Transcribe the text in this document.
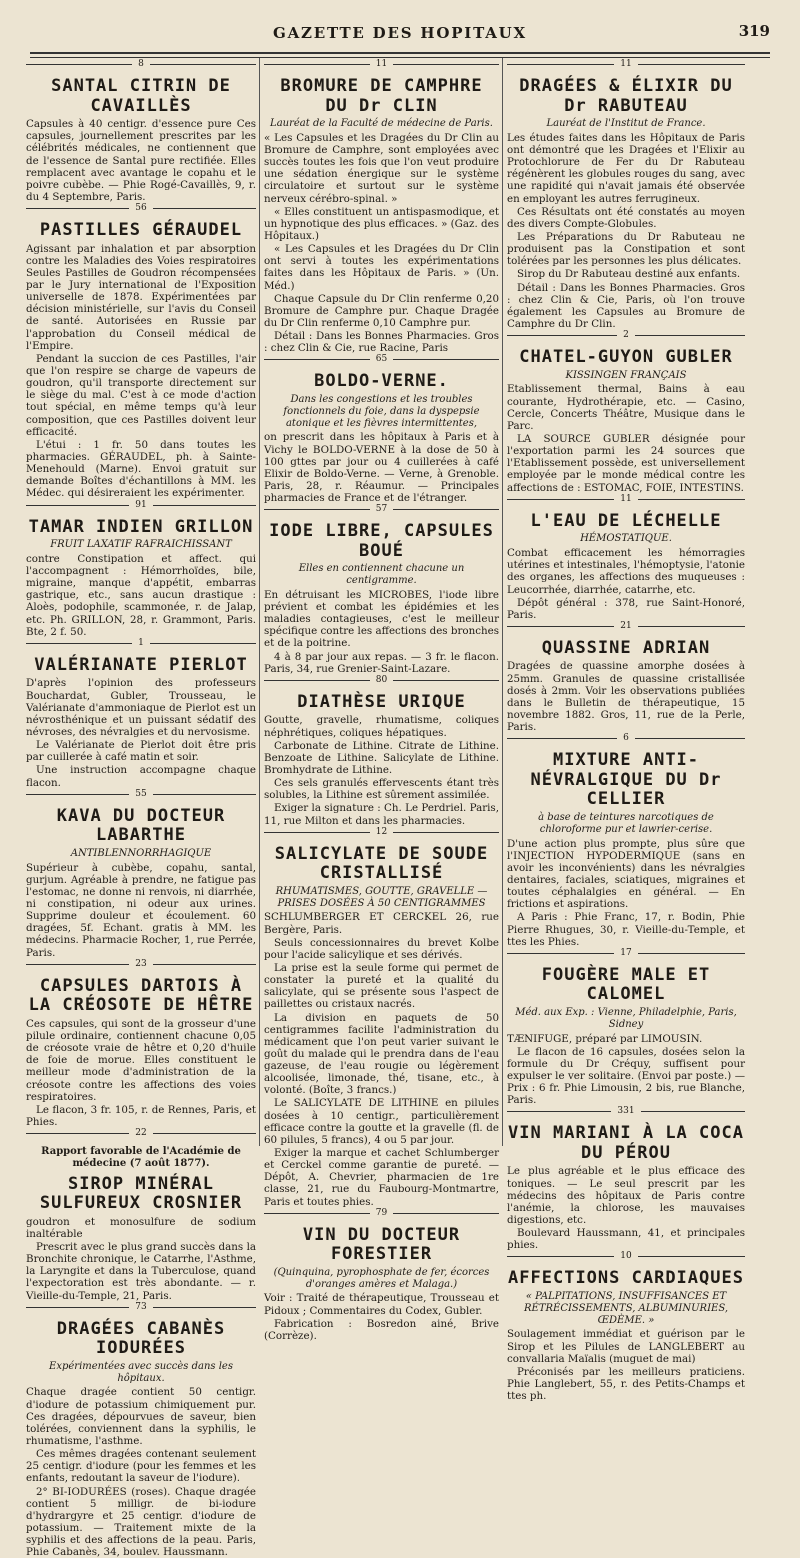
GAZETTE DES HOPITAUX	319
8
SANTAL CITRIN DE CAVAILLÈS

Capsules à 40 centigr. d'essence pure Ces capsules, journellement prescrites par les célébrités médicales, ne contiennent que de l'essence de Santal pure rectifiée. Elles remplacent avec avantage le copahu et le poivre cubèbe. — Phie Rogé-Cavaillès, 9, r. du 4 Septembre, Paris.

56
PASTILLES GÉRAUDEL

Agissant par inhalation et par absorption contre les Maladies des Voies respiratoires Seules Pastilles de Goudron récompensées par le Jury international de l'Exposition universelle de 1878. Expérimentées par décision ministérielle, sur l'avis du Conseil de santé. Autorisées en Russie par l'approbation du Conseil médical de l'Empire.

Pendant la succion de ces Pastilles, l'air que l'on respire se charge de vapeurs de goudron, qu'il transporte directement sur le siège du mal. C'est à ce mode d'action tout spécial, en même temps qu'à leur composition, que ces Pastilles doivent leur efficacité.

L'étui : 1 fr. 50 dans toutes les pharmacies. GÉRAUDEL, ph. à Sainte-Menehould (Marne). Envoi gratuit sur demande Boîtes d'échantillons à MM. les Médec. qui désireraient les expérimenter.

91
TAMAR INDIEN GRILLON
FRUIT LAXATIF RAFRAICHISSANT

contre Constipation et affect. qui l'accompagnent : Hémorrhoïdes, bile, migraine, manque d'appétit, embarras gastrique, etc., sans aucun drastique : Aloès, podophile, scammonée, r. de Jalap, etc. Ph. GRILLON, 28, r. Grammont, Paris. Bte, 2 f. 50.

1
VALÉRIANATE PIERLOT

D'après l'opinion des professeurs Bouchardat, Gubler, Trousseau, le Valérianate d'ammoniaque de Pierlot est un névrosthénique et un puissant sédatif des névroses, des névralgies et du nervosisme.

Le Valérianate de Pierlot doit être pris par cuillerée à café matin et soir.

Une instruction accompagne chaque flacon.

55
KAVA DU DOCTEUR LABARTHE
ANTIBLENNORRHAGIQUE

Supérieur à cubèbe, copahu, santal, gurjum. Agréable à prendre, ne fatigue pas l'estomac, ne donne ni renvois, ni diarrhée, ni constipation, ni odeur aux urines. Supprime douleur et écoulement. 60 dragées, 5f. Echant. gratis à MM. les médecins. Pharmacie Rocher, 1, rue Perrée, Paris.

23
CAPSULES DARTOIS À LA CRÉOSOTE DE HÊTRE

Ces capsules, qui sont de la grosseur d'une pilule ordinaire, contiennent chacune 0,05 de créosote vraie de hêtre et 0,20 d'huile de foie de morue. Elles constituent le meilleur mode d'administration de la créosote contre les affections des voies respiratoires.

Le flacon, 3 fr. 105, r. de Rennes, Paris, et Phies.

22
Rapport favorable de l'Académie de médecine (7 août 1877).
SIROP MINÉRAL SULFUREUX CROSNIER

goudron et monosulfure de sodium inaltérable

Prescrit avec le plus grand succès dans la Bronchite chronique, le Catarrhe, l'Asthme, la Laryngite et dans la Tuberculose, quand l'expectoration est très abondante. — r. Vieille-du-Temple, 21, Paris.

73
DRAGÉES CABANÈS IODURÉES
Expérimentées avec succès dans les hôpitaux.

Chaque dragée contient 50 centigr. d'iodure de potassium chimiquement pur. Ces dragées, dépourvues de saveur, bien tolérées, conviennent dans la syphilis, le rhumatisme, l'asthme.

Ces mêmes dragées contenant seulement 25 centigr. d'iodure (pour les femmes et les enfants, redoutant la saveur de l'iodure).

2° BI-IODURÉES (roses). Chaque dragée contient 5 milligr. de bi-iodure d'hydrargyre et 25 centigr. d'iodure de potassium. — Traitement mixte de la syphilis et des affections de la peau. Paris, Phie Cabanès, 34, boulev. Haussmann.

11
BROMURE DE CAMPHRE DU Dr CLIN
Lauréat de la Faculté de médecine de Paris.

« Les Capsules et les Dragées du Dr Clin au Bromure de Camphre, sont employées avec succès toutes les fois que l'on veut produire une sédation énergique sur le système circulatoire et surtout sur le système nerveux cérébro-spinal. »

« Elles constituent un antispasmodique, et un hypnotique des plus efficaces. » (Gaz. des Hôpitaux.)

« Les Capsules et les Dragées du Dr Clin ont servi à toutes les expérimentations faites dans les Hôpitaux de Paris. » (Un. Méd.)

Chaque Capsule du Dr Clin renferme 0,20 Bromure de Camphre pur. Chaque Dragée du Dr Clin renferme 0,10 Camphre pur.

Détail : Dans les Bonnes Pharmacies. Gros : chez Clin & Cie, rue Racine, Paris

65
BOLDO-VERNE.
Dans les congestions et les troubles fonctionnels du foie, dans la dyspepsie atonique et les fièvres intermittentes,

on prescrit dans les hôpitaux à Paris et à Vichy le BOLDO-VERNE à la dose de 50 à 100 gttes par jour ou 4 cuillerées à café Elixir de Boldo-Verne. — Verne, à Grenoble. Paris, 28, r. Réaumur. — Principales pharmacies de France et de l'étranger.

57
IODE LIBRE, CAPSULES BOUÉ
Elles en contiennent chacune un centigramme.

En détruisant les MICROBES, l'iode libre prévient et combat les épidémies et les maladies contagieuses, c'est le meilleur spécifique contre les affections des bronches et de la poitrine.

4 à 8 par jour aux repas. — 3 fr. le flacon. Paris, 34, rue Grenier-Saint-Lazare.

80
DIATHÈSE URIQUE

Goutte, gravelle, rhumatisme, coliques néphrétiques, coliques hépatiques.

Carbonate de Lithine. Citrate de Lithine. Benzoate de Lithine. Salicylate de Lithine. Bromhydrate de Lithine.

Ces sels granulés effervescents étant très solubles, la Lithine est sûrement assimilée.

Exiger la signature : Ch. Le Perdriel. Paris, 11, rue Milton et dans les pharmacies.

12
SALICYLATE DE SOUDE CRISTALLISÉ
RHUMATISMES, GOUTTE, GRAVELLE — PRISES DOSÉES À 50 CENTIGRAMMES

SCHLUMBERGER ET CERCKEL 26, rue Bergère, Paris.

Seuls concessionnaires du brevet Kolbe pour l'acide salicylique et ses dérivés.

La prise est la seule forme qui permet de constater la pureté et la qualité du salicylate, qui se présente sous l'aspect de paillettes ou cristaux nacrés.

La division en paquets de 50 centigrammes facilite l'administration du médicament que l'on peut varier suivant le goût du malade qui le prendra dans de l'eau gazeuse, de l'eau rougie ou légèrement alcoolisée, limonade, thé, tisane, etc., à volonté. (Boîte, 3 francs.)

Le SALICYLATE DE LITHINE en pilules dosées à 10 centigr., particulièrement efficace contre la goutte et la gravelle (fl. de 60 pilules, 5 francs), 4 ou 5 par jour.

Exiger la marque et cachet Schlumberger et Cerckel comme garantie de pureté. — Dépôt, A. Chevrier, pharmacien de 1re classe, 21, rue du Faubourg-Montmartre, Paris et toutes phies.

79
VIN DU DOCTEUR FORESTIER
(Quinquina, pyrophosphate de fer, écorces d'oranges amères et Malaga.)

Voir : Traité de thérapeutique, Trousseau et Pidoux ; Commentaires du Codex, Gubler.

Fabrication : Bosredon ainé, Brive (Corrèze).

11
DRAGÉES & ÉLIXIR DU Dr RABUTEAU
Lauréat de l'Institut de France.

Les études faites dans les Hôpitaux de Paris ont démontré que les Dragées et l'Elixir au Protochlorure de Fer du Dr Rabuteau régénèrent les globules rouges du sang, avec une rapidité qui n'avait jamais été observée en employant les autres ferrugineux.

Ces Résultats ont été constatés au moyen des divers Compte-Globules.

Les Préparations du Dr Rabuteau ne produisent pas la Constipation et sont tolérées par les personnes les plus délicates.

Sirop du Dr Rabuteau destiné aux enfants.

Détail : Dans les Bonnes Pharmacies. Gros : chez Clin & Cie, Paris, où l'on trouve également les Capsules au Bromure de Camphre du Dr Clin.

2
CHATEL-GUYON GUBLER
KISSINGEN FRANÇAIS

Etablissement thermal, Bains à eau courante, Hydrothérapie, etc. — Casino, Cercle, Concerts Théâtre, Musique dans le Parc.

LA SOURCE GUBLER désignée pour l'exportation parmi les 24 sources que l'Etablissement possède, est universellement employée par le monde médical contre les affections de : ESTOMAC, FOIE, INTESTINS.

11
L'EAU DE LÉCHELLE
HÉMOSTATIQUE.

Combat efficacement les hémorragies utérines et intestinales, l'hémoptysie, l'atonie des organes, les affections des muqueuses : Leucorrhée, diarrhée, catarrhe, etc.

Dépôt général : 378, rue Saint-Honoré, Paris.

21
QUASSINE ADRIAN

Dragées de quassine amorphe dosées à 25mm. Granules de quassine cristallisée dosés à 2mm. Voir les observations publiées dans le Bulletin de thérapeutique, 15 novembre 1882. Gros, 11, rue de la Perle, Paris.

6
MIXTURE ANTI-NÉVRALGIQUE DU Dr CELLIER
à base de teintures narcotiques de chloroforme pur et lawrier-cerise.

D'une action plus prompte, plus sûre que l'INJECTION HYPODERMIQUE (sans en avoir les inconvénients) dans les névralgies dentaires, faciales, sciatiques, migraines et toutes céphalalgies en général. — En frictions et aspirations.

A Paris : Phie Franc, 17, r. Bodin, Phie Pierre Rhugues, 30, r. Vieille-du-Temple, et ttes les Phies.

17
FOUGÈRE MALE ET CALOMEL
Méd. aux Exp. : Vienne, Philadelphie, Paris, Sidney

TÆNIFUGE, préparé par LIMOUSIN.

Le flacon de 16 capsules, dosées selon la formule du Dr Créquy, suffisent pour expulser le ver solitaire. (Envoi par poste.) — Prix : 6 fr. Phie Limousin, 2 bis, rue Blanche, Paris.

331
VIN MARIANI À LA COCA DU PÉROU

Le plus agréable et le plus efficace des toniques. — Le seul prescrit par les médecins des hôpitaux de Paris contre l'anémie, la chlorose, les mauvaises digestions, etc.

Boulevard Haussmann, 41, et principales phies.

10
AFFECTIONS CARDIAQUES
« PALPITATIONS, INSUFFISANCES ET RÉTRÉCISSEMENTS, ALBUMINURIES, ŒDÈME. »

Soulagement immédiat et guérison par le Sirop et les Pilules de LANGLEBERT au convallaria Maïalis (muguet de mai)

Préconisés par les meilleurs praticiens. Phie Langlebert, 55, r. des Petits-Champs et ttes ph.
